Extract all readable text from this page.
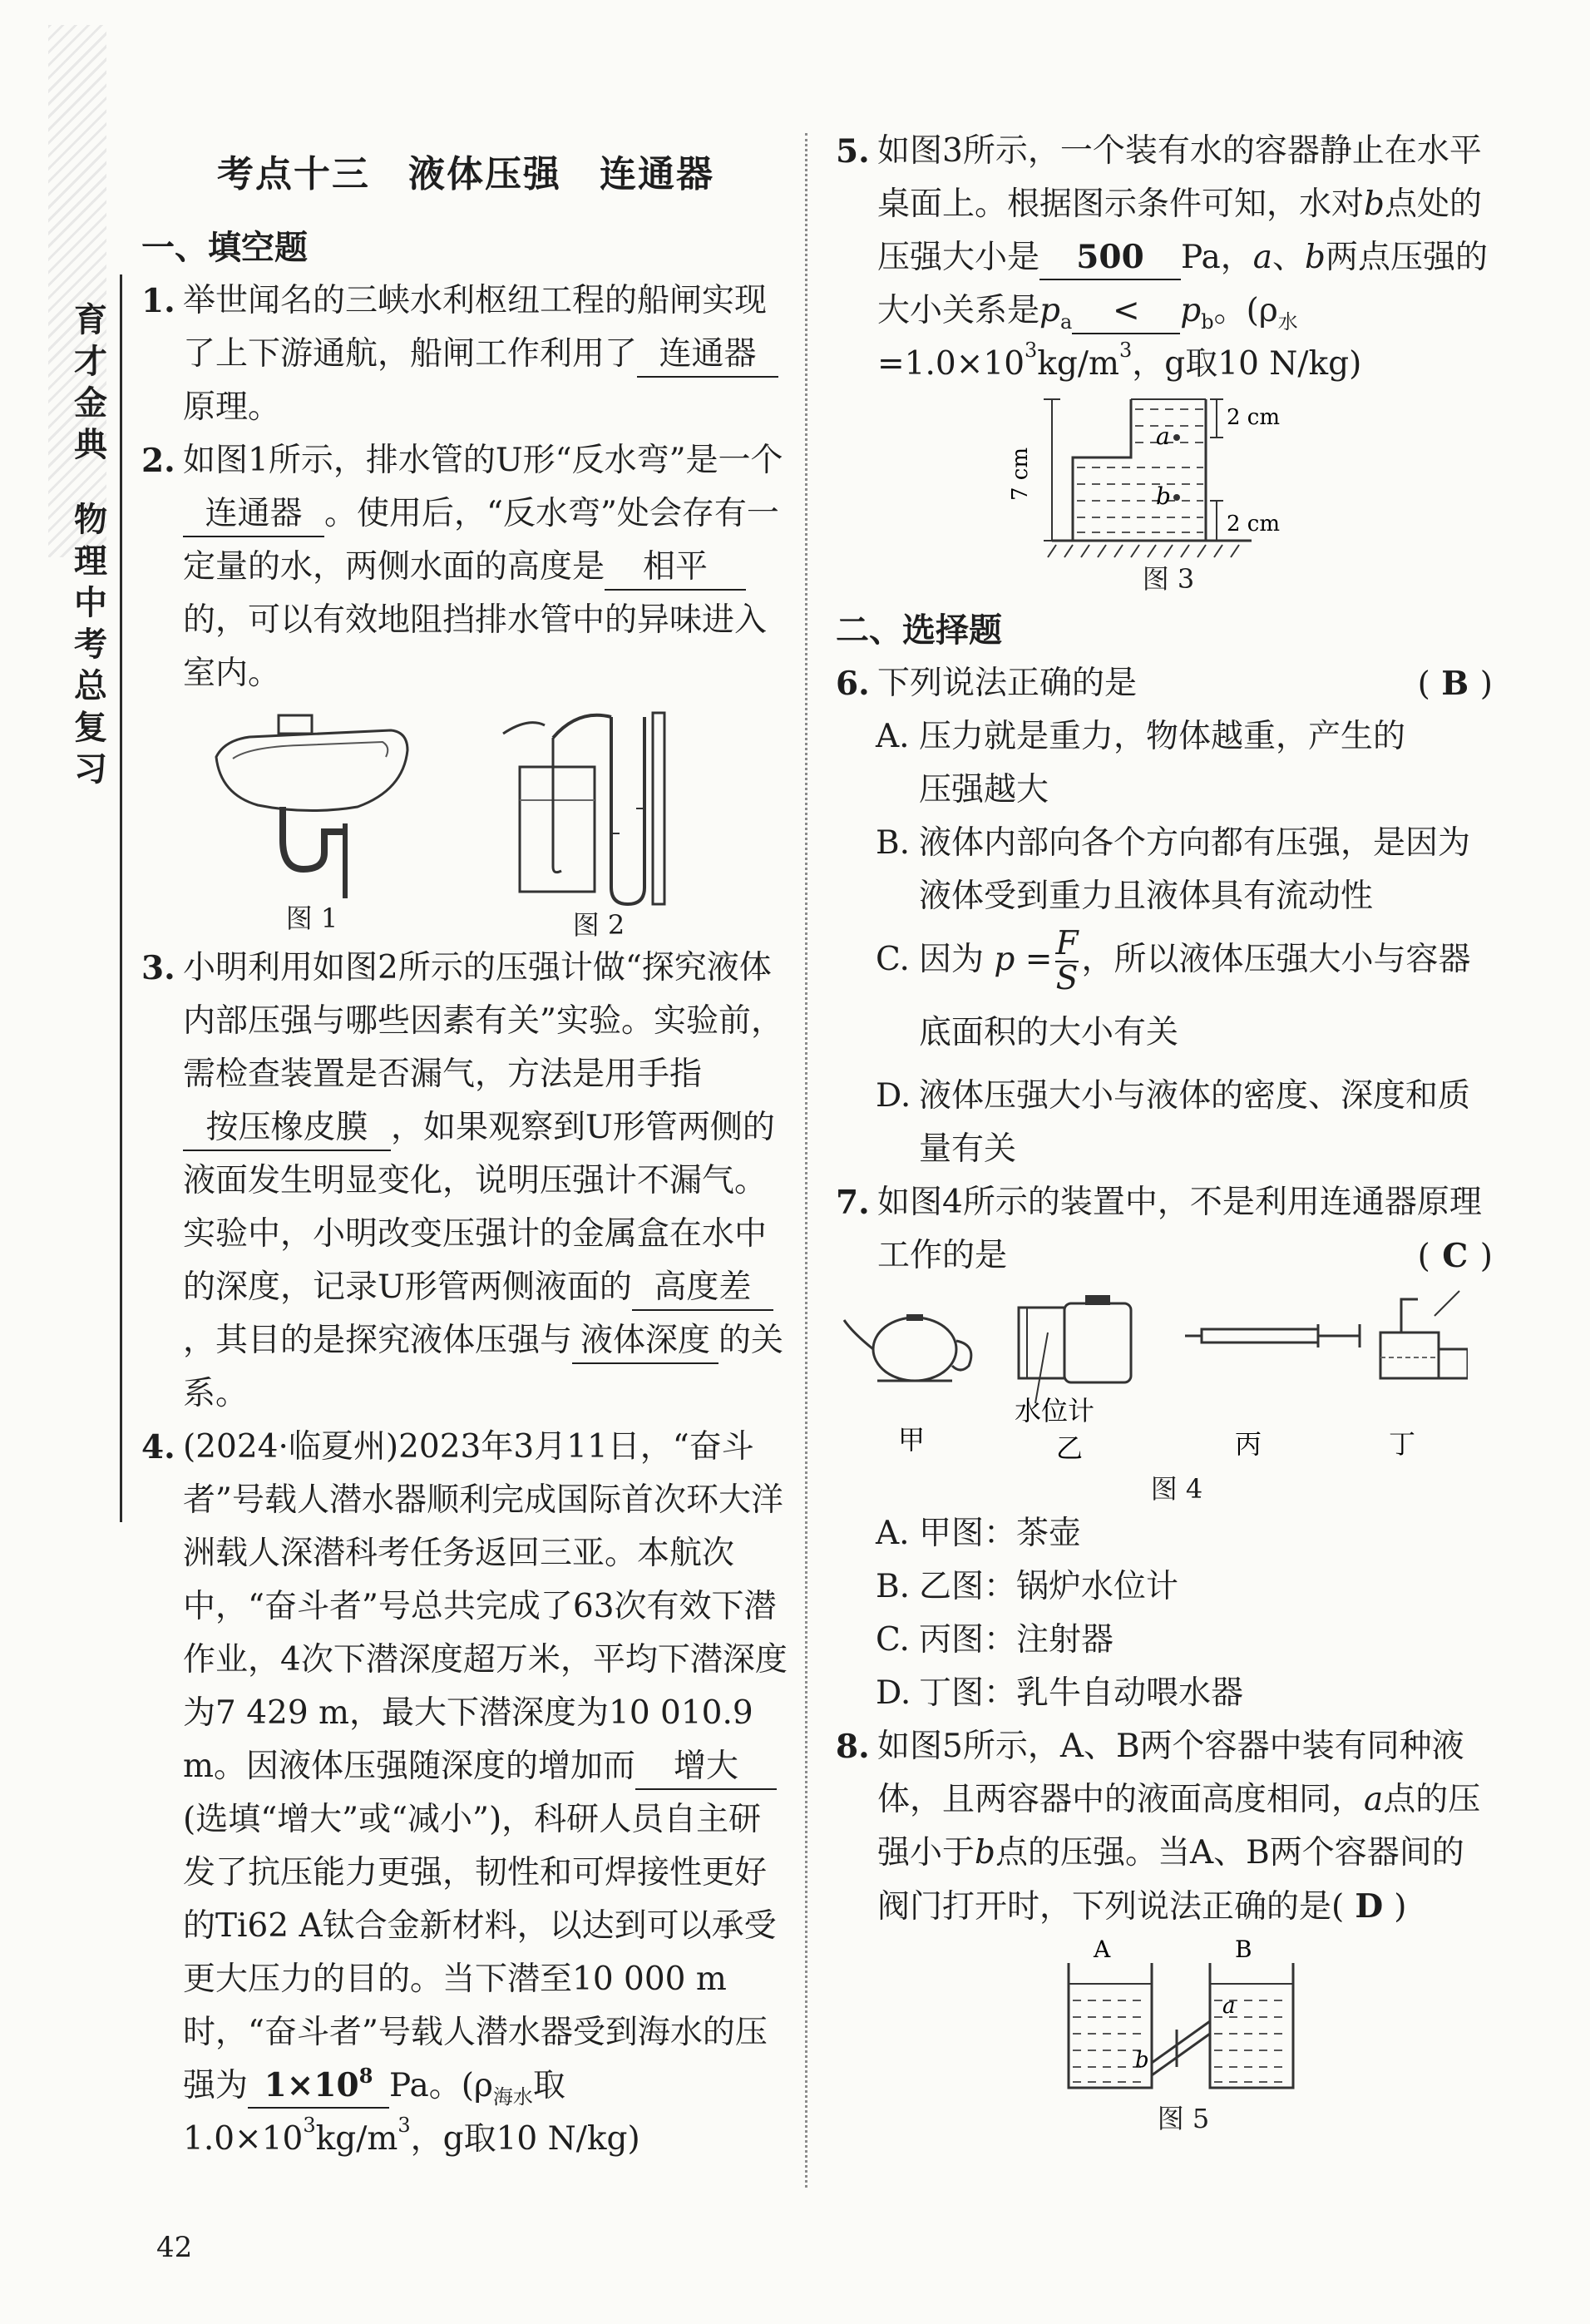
育
才
金
典
物
理
中
考
总
复
习
考点十三　液体压强　连通器
一、填空题
1. 举世闻名的三峡水利枢纽工程的船闸实现了上下游通航，船闸工作利用了 连通器原理。
2. 如图1所示，排水管的U形“反水弯”是一个连通器 。使用后，“反水弯”处会存有一定量的水，两侧水面的高度是 相平的，可以有效地阻挡排水管中的异味进入室内。
图 1	图 2
3. 小明利用如图2所示的压强计做“探究液体内部压强与哪些因素有关”实验。实验前，需检查装置是否漏气，方法是用手指按压橡皮膜 ，如果观察到U形管两侧的液面发生明显变化，说明压强计不漏气。实验中，小明改变压强计的金属盒在水中的深度，记录U形管两侧液面的 高度差，其目的是探究液体压强与 液体深度 的关系。
4. (2024·临夏州)2023年3月11日，“奋斗者”号载人潜水器顺利完成国际首次环大洋洲载人深潜科考任务返回三亚。本航次中，“奋斗者”号总共完成了63次有效下潜作业，4次下潜深度超万米，平均下潜深度为7 429 m，最大下潜深度为10 010.9 m。因液体压强随深度的增加而 增大(选填“增大”或“减小”)，科研人员自主研发了抗压能力更强，韧性和可焊接性更好的Ti62 A钛合金新材料，以达到可以承受更大压力的目的。当下潜至10 000 m时，“奋斗者”号载人潜水器受到海水的压强为 $1\times 10^8$ Pa。($\rho_{海水}$取$1.0\times 10^3kg/m^3$，g取10 N/kg)
5. 如图3所示，一个装有水的容器静止在水平桌面上。根据图示条件可知，水对b点处的压强大小是 500 Pa，a、b两点压强的大小关系是$p_a < p_b$。($\rho_水=1.0\times 10^3kg/m^3$，g取10 N/kg)
7 cm
a
b
2 cm
2 cm
图 3
二、选择题
6. 下列说法正确的是	( B )
A. 压力就是重力，物体越重，产生的压强越大
B. 液体内部向各个方向都有压强，是因为液体受到重力且液体具有流动性
C. 因为 $p = \frac{F}{S}$ ，所以液体压强大小与容器底面积的大小有关
D. 液体压强大小与液体的密度、深度和质量有关
7. 如图4所示的装置中，不是利用连通器原理工作的是	( C )
水位计
甲	乙	丙	丁
图 4
A. 甲图：茶壶
B. 乙图：锅炉水位计
C. 丙图：注射器
D. 丁图：乳牛自动喂水器
8. 如图5所示，A、B两个容器中装有同种液体，且两容器中的液面高度相同，a点的压强小于b点的压强。当A、B两个容器间的阀门打开时，下列说法正确的是( D )
A	B
a
b
图 5
42
